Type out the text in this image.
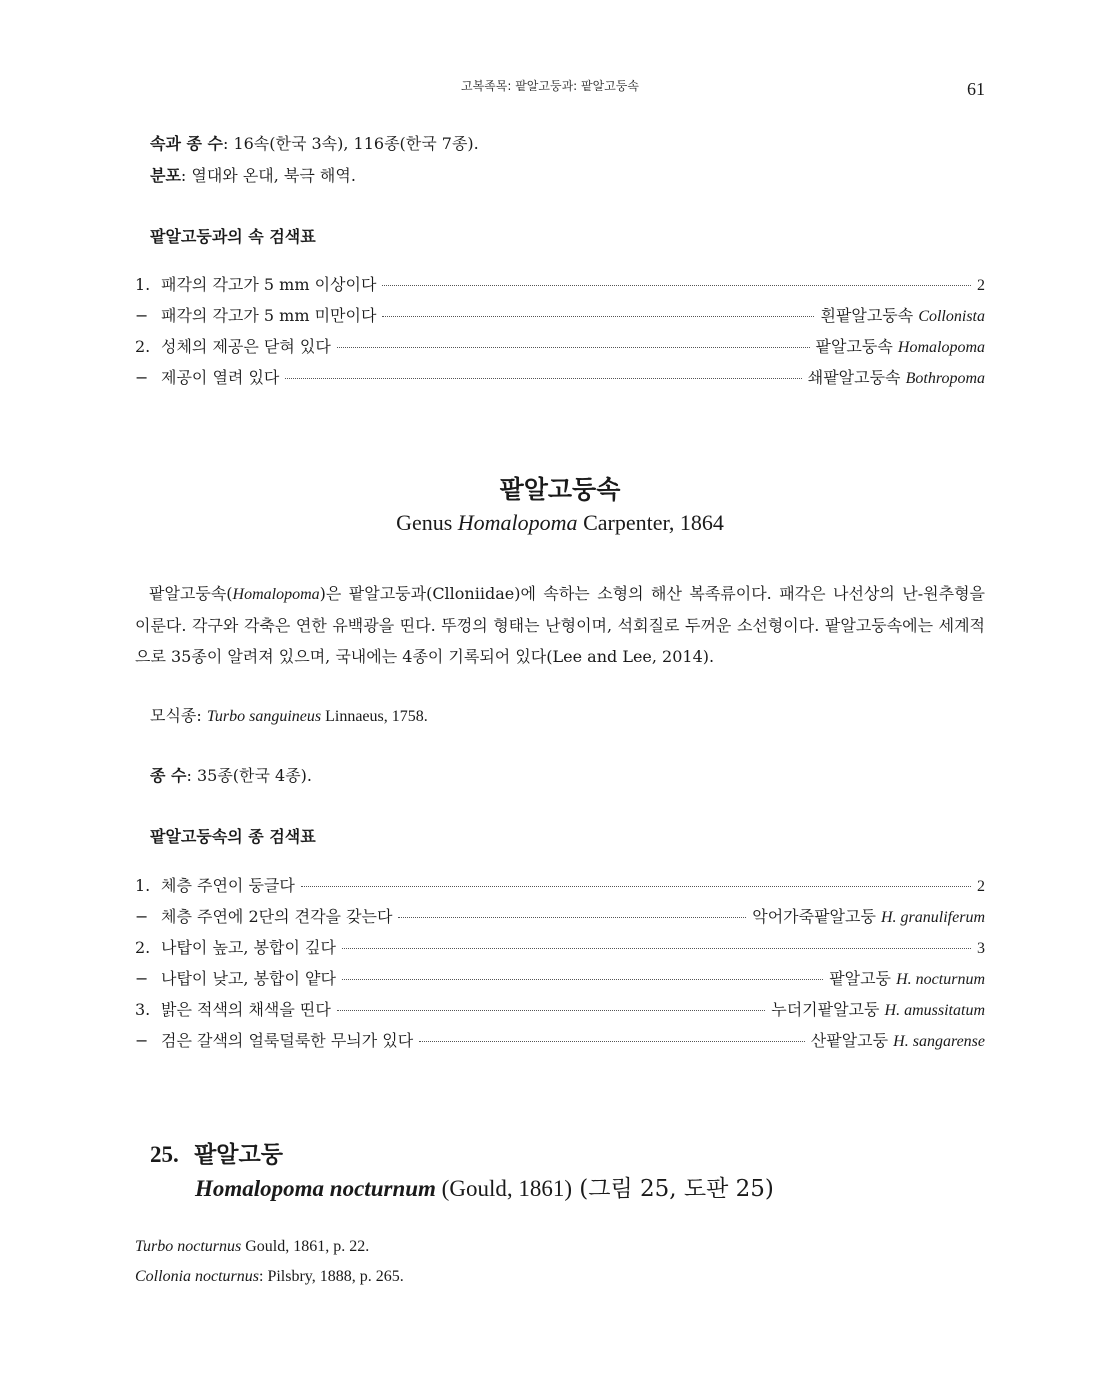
고복족목: 팥알고둥과: 팥알고둥속	61
속과 종 수: 16속(한국 3속), 116종(한국 7종).
분포: 열대와 온대, 북극 해역.
팥알고둥과의 속 검색표
1. 패각의 각고가 5 mm 이상이다	2
− 패각의 각고가 5 mm 미만이다	흰팥알고둥속 Collonista
2. 성체의 제공은 닫혀 있다	팥알고둥속 Homalopoma
− 제공이 열려 있다	쇄팥알고둥속 Bothropoma
팥알고둥속
Genus Homalopoma Carpenter, 1864
팥알고둥속(Homalopoma)은 팥알고둥과(Clloniidae)에 속하는 소형의 해산 복족류이다. 패각은 나선상의 난-원추형을 이룬다. 각구와 각축은 연한 유백광을 띤다. 뚜껑의 형태는 난형이며, 석회질로 두꺼운 소선형이다. 팥알고둥속에는 세계적으로 35종이 알려져 있으며, 국내에는 4종이 기록되어 있다(Lee and Lee, 2014).
모식종: Turbo sanguineus Linnaeus, 1758.
종 수: 35종(한국 4종).
팥알고둥속의 종 검색표
1. 체층 주연이 둥글다	2
− 체층 주연에 2단의 견각을 갖는다	악어가죽팥알고둥 H. granuliferum
2. 나탑이 높고, 봉합이 깊다	3
− 나탑이 낮고, 봉합이 얕다	팥알고둥 H. nocturnum
3. 밝은 적색의 채색을 띤다	누더기팥알고둥 H. amussitatum
− 검은 갈색의 얼룩덜룩한 무늬가 있다	산팥알고둥 H. sangarense
25. 팥알고둥
Homalopoma nocturnum (Gould, 1861) (그림 25, 도판 25)
Turbo nocturnus Gould, 1861, p. 22.
Collonia nocturnus: Pilsbry, 1888, p. 265.
